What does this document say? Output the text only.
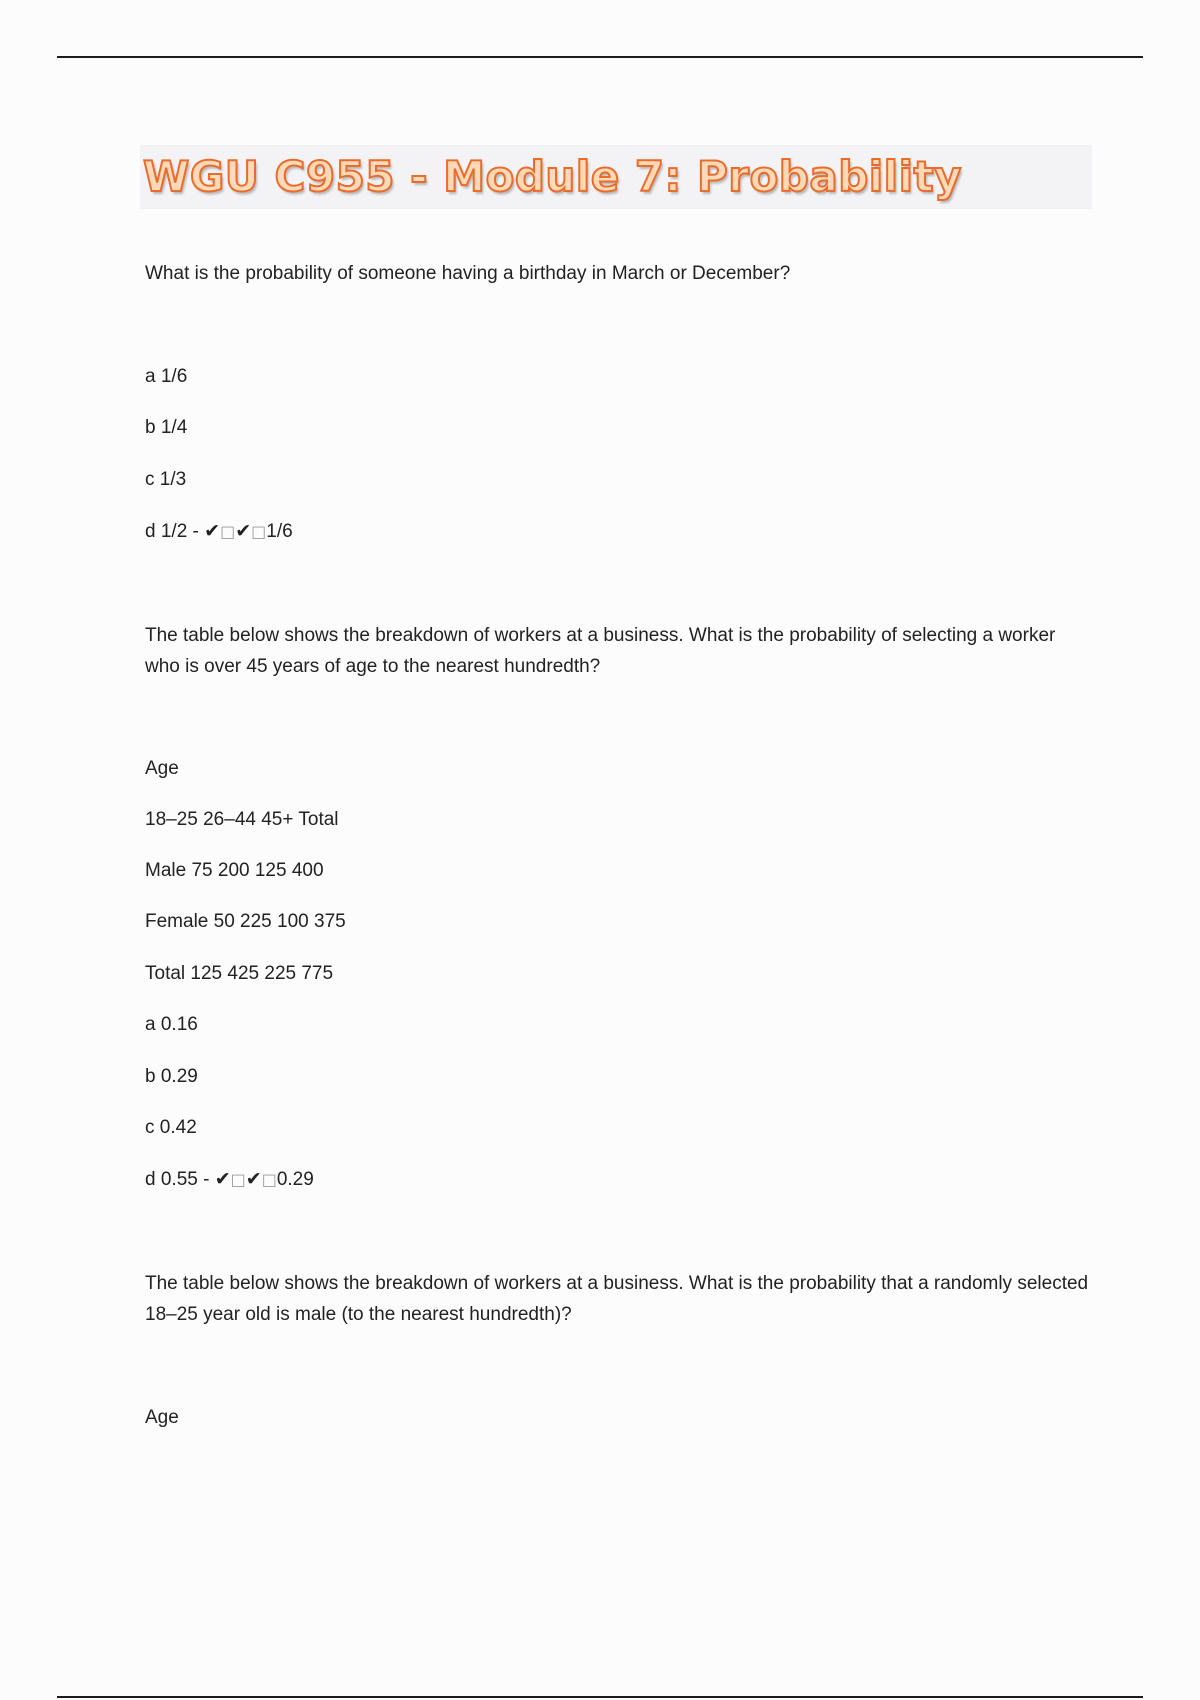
WGU C955 - Module 7: Probability

What is the probability of someone having a birthday in March or December?

a 1/6

b 1/4

c 1/3

d 1/2 - ✔□✔□1/6

The table below shows the breakdown of workers at a business. What is the probability of selecting a worker who is over 45 years of age to the nearest hundredth?

Age

18–25 26–44 45+ Total

Male 75 200 125 400

Female 50 225 100 375

Total 125 425 225 775

a 0.16

b 0.29

c 0.42

d 0.55 - ✔□✔□0.29

The table below shows the breakdown of workers at a business. What is the probability that a randomly selected 18–25 year old is male (to the nearest hundredth)?

Age
